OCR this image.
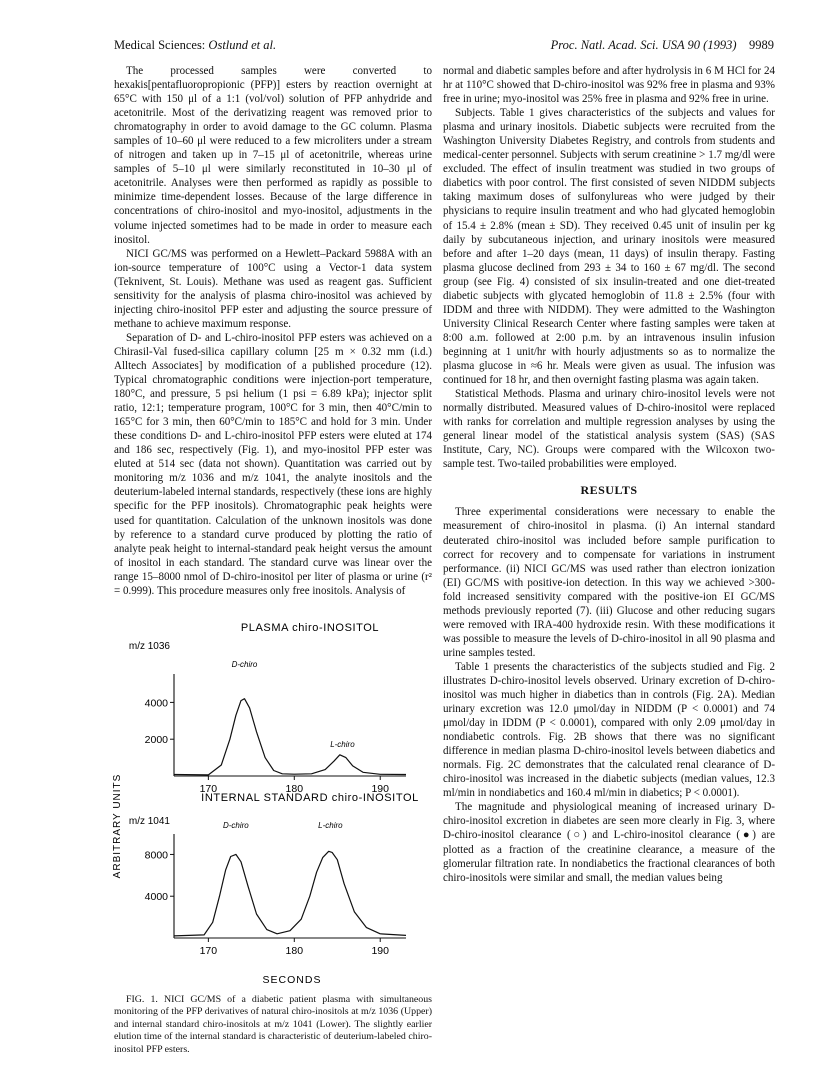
Medical Sciences: Ostlund et al.	Proc. Natl. Acad. Sci. USA 90 (1993) 9989

The processed samples were converted to hexakis[pentafluoropropionic (PFP)] esters by reaction overnight at 65°C with 150 μl of a 1:1 (vol/vol) solution of PFP anhydride and acetonitrile. Most of the derivatizing reagent was removed prior to chromatography in order to avoid damage to the GC column. Plasma samples of 10–60 μl were reduced to a few microliters under a stream of nitrogen and taken up in 7–15 μl of acetonitrile, whereas urine samples of 5–10 μl were similarly reconstituted in 10–30 μl of acetonitrile. Analyses were then performed as rapidly as possible to minimize time-dependent losses. Because of the large difference in concentrations of chiro-inositol and myo-inositol, adjustments in the volume injected sometimes had to be made in order to measure each inositol.

NICI GC/MS was performed on a Hewlett–Packard 5988A with an ion-source temperature of 100°C using a Vector-1 data system (Teknivent, St. Louis). Methane was used as reagent gas. Sufficient sensitivity for the analysis of plasma chiro-inositol was achieved by injecting chiro-inositol PFP ester and adjusting the source pressure of methane to achieve maximum response.

Separation of D- and L-chiro-inositol PFP esters was achieved on a Chirasil-Val fused-silica capillary column [25 m × 0.32 mm (i.d.) Alltech Associates] by modification of a published procedure (12). Typical chromatographic conditions were injection-port temperature, 180°C, and pressure, 5 psi helium (1 psi = 6.89 kPa); injector split ratio, 12:1; temperature program, 100°C for 3 min, then 40°C/min to 165°C for 3 min, then 60°C/min to 185°C and hold for 3 min. Under these conditions D- and L-chiro-inositol PFP esters were eluted at 174 and 186 sec, respectively (Fig. 1), and myo-inositol PFP ester was eluted at 514 sec (data not shown). Quantitation was carried out by monitoring m/z 1036 and m/z 1041, the analyte inositols and the deuterium-labeled internal standards, respectively (these ions are highly specific for the PFP inositols). Chromatographic peak heights were used for quantitation. Calculation of the unknown inositols was done by reference to a standard curve produced by plotting the ratio of analyte peak height to internal-standard peak height versus the amount of inositol in each standard. The standard curve was linear over the range 15–8000 nmol of D-chiro-inositol per liter of plasma or urine (r² = 0.999). This procedure measures only free inositols. Analysis of

ARBITRARY UNITS
SECONDS
PLASMA chiro-INOSITOL
m/z 1036
170	180	190
2000
4000
D-chiro
L-chiro
INTERNAL STANDARD chiro-INOSITOL
m/z 1041
170	180	190
4000
8000
D-chiro	L-chiro

FIG. 1. NICI GC/MS of a diabetic patient plasma with simultaneous monitoring of the PFP derivatives of natural chiro-inositols at m/z 1036 (Upper) and internal standard chiro-inositols at m/z 1041 (Lower). The slightly earlier elution time of the internal standard is characteristic of deuterium-labeled chiro-inositol PFP esters.

normal and diabetic samples before and after hydrolysis in 6 M HCl for 24 hr at 110°C showed that D-chiro-inositol was 92% free in plasma and 93% free in urine; myo-inositol was 25% free in plasma and 92% free in urine.

Subjects. Table 1 gives characteristics of the subjects and values for plasma and urinary inositols. Diabetic subjects were recruited from the Washington University Diabetes Registry, and controls from students and medical-center personnel. Subjects with serum creatinine > 1.7 mg/dl were excluded. The effect of insulin treatment was studied in two groups of diabetics with poor control. The first consisted of seven NIDDM subjects taking maximum doses of sulfonylureas who were judged by their physicians to require insulin treatment and who had glycated hemoglobin of 15.4 ± 2.8% (mean ± SD). They received 0.45 unit of insulin per kg daily by subcutaneous injection, and urinary inositols were measured before and after 1–20 days (mean, 11 days) of insulin therapy. Fasting plasma glucose declined from 293 ± 34 to 160 ± 67 mg/dl. The second group (see Fig. 4) consisted of six insulin-treated and one diet-treated diabetic subjects with glycated hemoglobin of 11.8 ± 2.5% (four with IDDM and three with NIDDM). They were admitted to the Washington University Clinical Research Center where fasting samples were taken at 8:00 a.m. followed at 2:00 p.m. by an intravenous insulin infusion beginning at 1 unit/hr with hourly adjustments so as to normalize the plasma glucose in ≈6 hr. Meals were given as usual. The infusion was continued for 18 hr, and then overnight fasting plasma was again taken.

Statistical Methods. Plasma and urinary chiro-inositol levels were not normally distributed. Measured values of D-chiro-inositol were replaced with ranks for correlation and multiple regression analyses by using the general linear model of the statistical analysis system (SAS) (SAS Institute, Cary, NC). Groups were compared with the Wilcoxon two-sample test. Two-tailed probabilities were employed.

RESULTS

Three experimental considerations were necessary to enable the measurement of chiro-inositol in plasma. (i) An internal standard deuterated chiro-inositol was included before sample purification to correct for recovery and to compensate for variations in instrument performance. (ii) NICI GC/MS was used rather than electron ionization (EI) GC/MS with positive-ion detection. In this way we achieved >300-fold increased sensitivity compared with the positive-ion EI GC/MS methods previously reported (7). (iii) Glucose and other reducing sugars were removed with IRA-400 hydroxide resin. With these modifications it was possible to measure the levels of D-chiro-inositol in all 90 plasma and urine samples tested.

Table 1 presents the characteristics of the subjects studied and Fig. 2 illustrates D-chiro-inositol levels observed. Urinary excretion of D-chiro-inositol was much higher in diabetics than in controls (Fig. 2A). Median urinary excretion was 12.0 μmol/day in NIDDM (P < 0.0001) and 74 μmol/day in IDDM (P < 0.0001), compared with only 2.09 μmol/day in nondiabetic controls. Fig. 2B shows that there was no significant difference in median plasma D-chiro-inositol levels between diabetics and normals. Fig. 2C demonstrates that the calculated renal clearance of D-chiro-inositol was increased in the diabetic subjects (median values, 12.3 ml/min in nondiabetics and 160.4 ml/min in diabetics; P < 0.0001).

The magnitude and physiological meaning of increased urinary D-chiro-inositol excretion in diabetes are seen more clearly in Fig. 3, where D-chiro-inositol clearance (○) and L-chiro-inositol clearance (●) are plotted as a fraction of the creatinine clearance, a measure of the glomerular filtration rate. In nondiabetics the fractional clearances of both chiro-inositols were similar and small, the median values being
